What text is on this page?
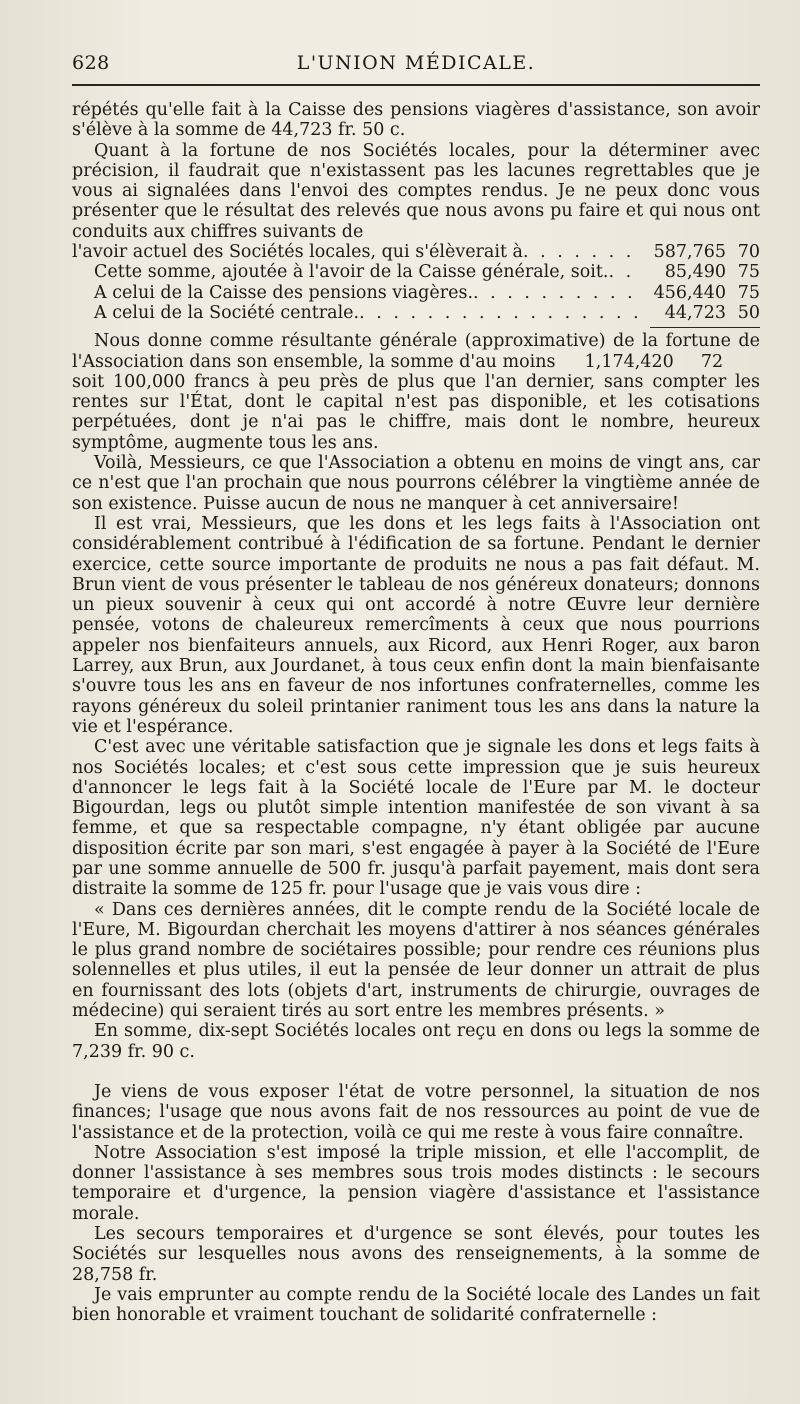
628	L'UNION MÉDICALE.

répétés qu'elle fait à la Caisse des pensions viagères d'assistance, son avoir s'élève à la somme de 44,723 fr. 50 c.

Quant à la fortune de nos Sociétés locales, pour la déterminer avec précision, il faudrait que n'existassent pas les lacunes regrettables que je vous ai signalées dans l'envoi des comptes rendus. Je ne peux donc vous présenter que le résultat des relevés que nous avons pu faire et qui nous ont conduits aux chiffres suivants de

l'avoir actuel des Sociétés locales, qui s'élèverait à . . .	587,765 70
Cette somme, ajoutée à l'avoir de la Caisse générale, soit. . . .	85,490 75
A celui de la Caisse des pensions viagères. . . .	456,440 75
A celui de la Société centrale. . . .	44,723 50

Nous donne comme résultante générale (approximative) de la fortune de l'Association dans son ensemble, la somme d'au moins 1,174,420 72

soit 100,000 francs à peu près de plus que l'an dernier, sans compter les rentes sur l'État, dont le capital n'est pas disponible, et les cotisations perpétuées, dont je n'ai pas le chiffre, mais dont le nombre, heureux symptôme, augmente tous les ans.

Voilà, Messieurs, ce que l'Association a obtenu en moins de vingt ans, car ce n'est que l'an prochain que nous pourrons célébrer la vingtième année de son existence. Puisse aucun de nous ne manquer à cet anniversaire!

Il est vrai, Messieurs, que les dons et les legs faits à l'Association ont considérablement contribué à l'édification de sa fortune. Pendant le dernier exercice, cette source importante de produits ne nous a pas fait défaut. M. Brun vient de vous présenter le tableau de nos généreux donateurs; donnons un pieux souvenir à ceux qui ont accordé à notre Œuvre leur dernière pensée, votons de chaleureux remercîments à ceux que nous pourrions appeler nos bienfaiteurs annuels, aux Ricord, aux Henri Roger, aux baron Larrey, aux Brun, aux Jourdanet, à tous ceux enfin dont la main bienfaisante s'ouvre tous les ans en faveur de nos infortunes confraternelles, comme les rayons généreux du soleil printanier raniment tous les ans dans la nature la vie et l'espérance.

C'est avec une véritable satisfaction que je signale les dons et legs faits à nos Sociétés locales; et c'est sous cette impression que je suis heureux d'annoncer le legs fait à la Société locale de l'Eure par M. le docteur Bigourdan, legs ou plutôt simple intention manifestée de son vivant à sa femme, et que sa respectable compagne, n'y étant obligée par aucune disposition écrite par son mari, s'est engagée à payer à la Société de l'Eure par une somme annuelle de 500 fr. jusqu'à parfait payement, mais dont sera distraite la somme de 125 fr. pour l'usage que je vais vous dire :

« Dans ces dernières années, dit le compte rendu de la Société locale de l'Eure, M. Bigourdan cherchait les moyens d'attirer à nos séances générales le plus grand nombre de sociétaires possible; pour rendre ces réunions plus solennelles et plus utiles, il eut la pensée de leur donner un attrait de plus en fournissant des lots (objets d'art, instruments de chirurgie, ouvrages de médecine) qui seraient tirés au sort entre les membres présents. »

En somme, dix-sept Sociétés locales ont reçu en dons ou legs la somme de 7,239 fr. 90 c.

Je viens de vous exposer l'état de votre personnel, la situation de nos finances; l'usage que nous avons fait de nos ressources au point de vue de l'assistance et de la protection, voilà ce qui me reste à vous faire connaître.

Notre Association s'est imposé la triple mission, et elle l'accomplit, de donner l'assistance à ses membres sous trois modes distincts : le secours temporaire et d'urgence, la pension viagère d'assistance et l'assistance morale.

Les secours temporaires et d'urgence se sont élevés, pour toutes les Sociétés sur lesquelles nous avons des renseignements, à la somme de 28,758 fr.

Je vais emprunter au compte rendu de la Société locale des Landes un fait bien honorable et vraiment touchant de solidarité confraternelle :
